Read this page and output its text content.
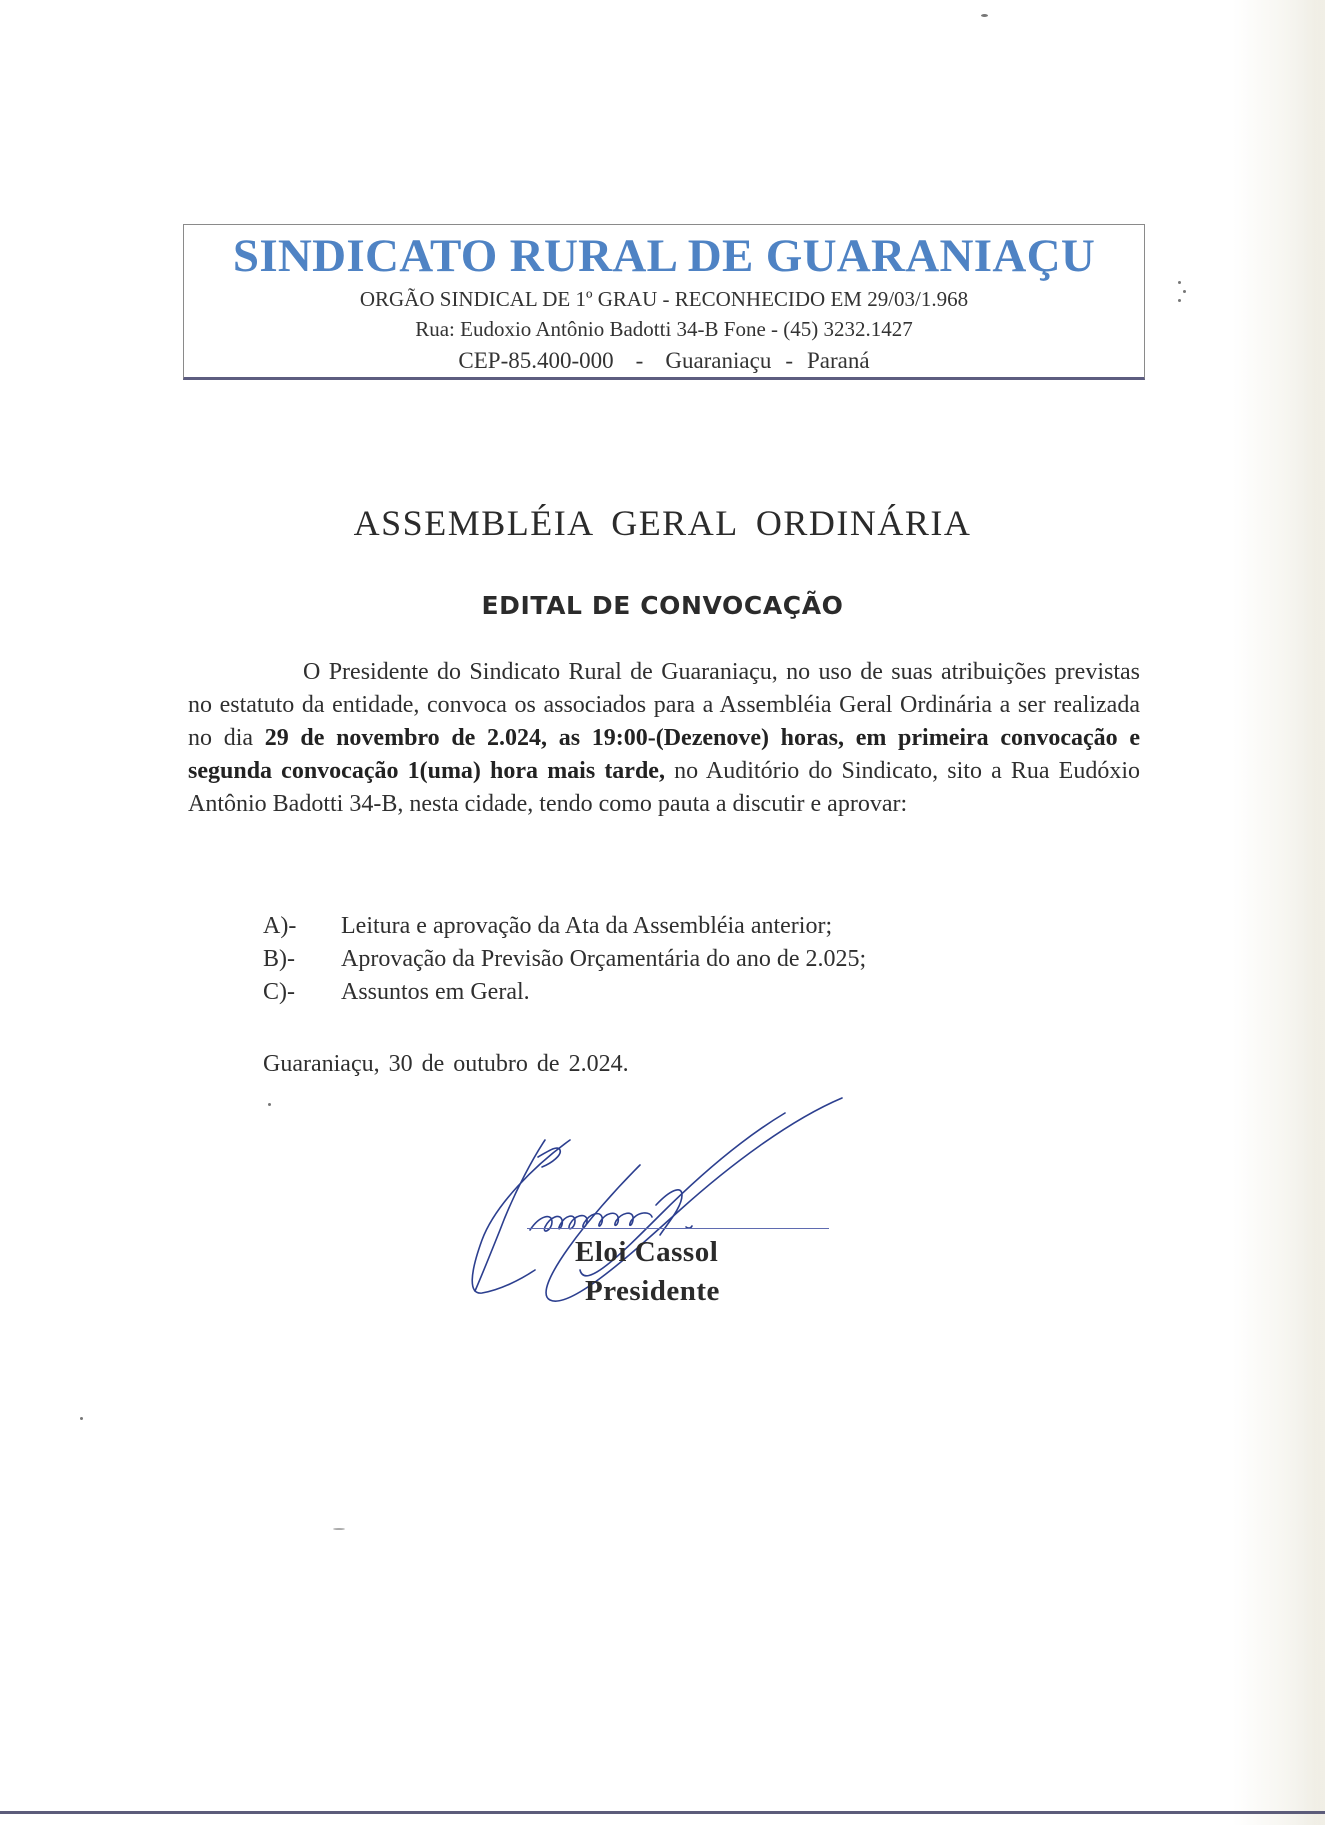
SINDICATO RURAL DE GUARANIAÇU
ORGÃO SINDICAL DE 1º GRAU - RECONHECIDO EM 29/03/1.968
Rua: Eudoxio Antônio Badotti 34-B Fone - (45) 3232.1427
CEP-85.400-000 - Guaraniaçu - Paraná
ASSEMBLÉIA GERAL ORDINÁRIA
EDITAL DE CONVOCAÇÃO

O Presidente do Sindicato Rural de Guaraniaçu, no uso de suas atribuições previstas no estatuto da entidade, convoca os associados para a Assembléia Geral Ordinária a ser realizada no dia 29 de novembro de 2.024, as 19:00-(Dezenove) horas, em primeira convocação e segunda convocação 1(uma) hora mais tarde, no Auditório do Sindicato, sito a Rua Eudóxio Antônio Badotti 34-B, nesta cidade, tendo como pauta a discutir e aprovar:

A)- Leitura e aprovação da Ata da Assembléia anterior;
B)- Aprovação da Previsão Orçamentária do ano de 2.025;
C)- Assuntos em Geral.
Guaraniaçu, 30 de outubro de 2.024.
Eloi Cassol
Presidente
